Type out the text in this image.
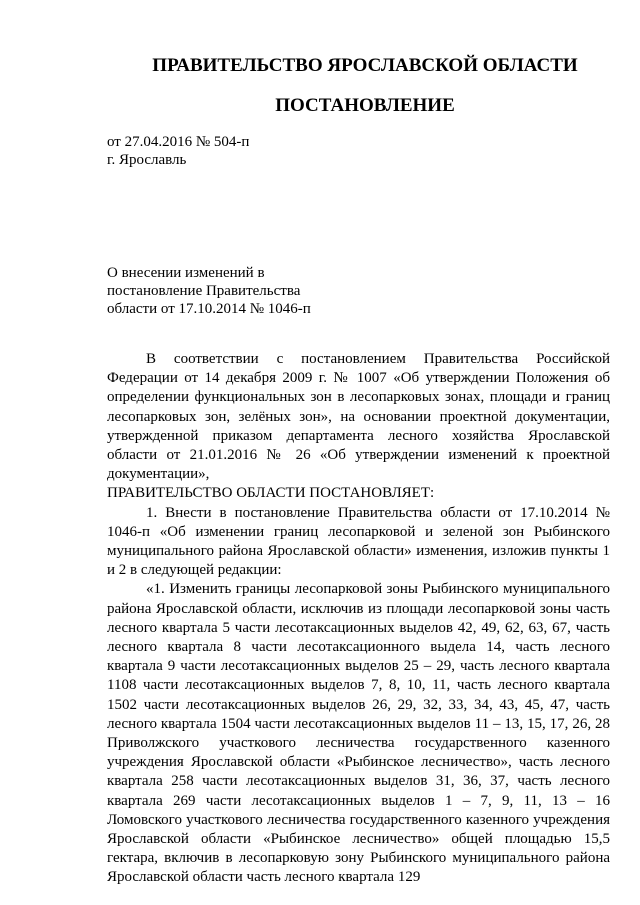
ПРАВИТЕЛЬСТВО ЯРОСЛАВСКОЙ ОБЛАСТИ
ПОСТАНОВЛЕНИЕ
от 27.04.2016 № 504-п
г. Ярославль
О внесении изменений в
постановление Правительства
области от 17.10.2014 № 1046-п

В соответствии с постановлением Правительства Российской Федерации от 14 декабря 2009 г. № 1007 «Об утверждении Положения об определении функциональных зон в лесопарковых зонах, площади и границ лесопарковых зон, зелёных зон», на основании проектной документации, утвержденной приказом департамента лесного хозяйства Ярославской области от 21.01.2016 № 26 «Об утверждении изменений к проектной документации»,

ПРАВИТЕЛЬСТВО ОБЛАСТИ ПОСТАНОВЛЯЕТ:

1. Внести в постановление Правительства области от 17.10.2014 № 1046-п «Об изменении границ лесопарковой и зеленой зон Рыбинского муниципального района Ярославской области» изменения, изложив пункты 1 и 2 в следующей редакции:

«1. Изменить границы лесопарковой зоны Рыбинского муниципального района Ярославской области, исключив из площади лесопарковой зоны часть лесного квартала 5 части лесотаксационных выделов 42, 49, 62, 63, 67, часть лесного квартала 8 части лесотаксационного выдела 14, часть лесного квартала 9 части лесотаксационных выделов 25 – 29, часть лесного квартала 1108 части лесотаксационных выделов 7, 8, 10, 11, часть лесного квартала 1502 части лесотаксационных выделов 26, 29, 32, 33, 34, 43, 45, 47, часть лесного квартала 1504 части лесотаксационных выделов 11 – 13, 15, 17, 26, 28 Приволжского участкового лесничества государственного казенного учреждения Ярославской области «Рыбинское лесничество», часть лесного квартала 258 части лесотаксационных выделов 31, 36, 37, часть лесного квартала 269 части лесотаксационных выделов 1 – 7, 9, 11, 13 – 16 Ломовского участкового лесничества государственного казенного учреждения Ярославской области «Рыбинское лесничество» общей площадью 15,5 гектара, включив в лесопарковую зону Рыбинского муниципального района Ярославской области часть лесного квартала 129
